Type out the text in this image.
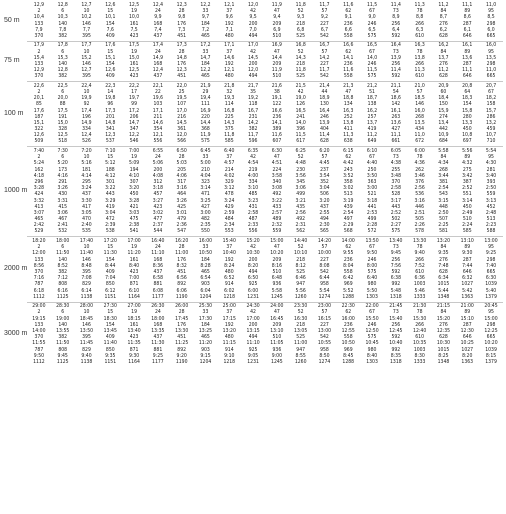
50 m
12,9	12,8	12,7	12,6	12,5	12,4	12,3	12,2	12,1	12,0	11,9	11,8	11,7	11,6	11,5	11,4	11,3	11,2	11,1	11,0
2	6	10	15	19	24	28	33	37	42	47	52	57	62	67	73	78	84	89	95
10,4	10,3	10,2	10,1	10,0	9,9	9,8	9,7	9,6	9,5	9,4	9,3	9,2	9,1	9,0	8,9	8,8	8,7	8,6	8,5
133	140	146	154	161	168	176	184	192	200	209	218	227	236	246	256	266	276	287	298
7,9	7,8	7,7	7,6	7,5	7,4	7,3	7,2	7,1	7,0	6,9	6,8	6,7	6,6	6,5	6,4	6,3	6,2	6,1	6,0
370	382	395	409	423	437	451	465	480	494	510	525	542	558	575	592	610	628	646	665
75 m
17,9	17,8	17,7	17,6	17,5	17,4	17,3	17,2	17,1	17,0	16,9	16,8	16,7	16,6	16,5	16,4	16,3	16,2	16,1	16,0
2	6	10	15	19	24	28	33	37	42	47	52	57	62	67	73	78	84	89	95
15,4	15,3	15,2	15,1	15,0	14,9	14,8	14,7	14,6	14,5	14,4	14,3	14,2	14,1	14,0	13,9	13,8	13,7	13,6	13,5
133	140	146	154	161	168	176	184	192	200	209	218	227	236	246	256	266	276	287	298
12,9	12,8	12,7	12,6	12,5	12,4	12,3	12,2	12,1	12,0	11,9	11,8	11,7	11,6	11,5	11,4	11,3	11,2	11,1	11,0
370	382	395	409	423	437	451	465	480	494	510	525	542	558	575	592	610	628	646	665
100 m
22,6	22,5	22,4	22,3	22,2	22,1	22,0	21,9	21,8	21,7	21,6	21,5	21,4	21,3	21,2	21,1	21,0	20,9	20,8	20,7
2	6	10	14	17	22	25	29	32	35	38	42	44	47	51	54	57	60	64	67
20,1	20,0	19,9	19,8	19,7	19,6	19,5	19,4	19,3	19,2	19,1	19,0	18,9	18,8	18,7	18,6	18,5	18,4	18,3	18,2
85	88	92	96	99	103	107	111	114	118	122	126	130	134	138	142	146	150	154	158
17,6	17,5	17,4	17,3	17,2	17,1	17,0	16,9	16,8	16,7	16,6	16,5	16,4	16,3	16,2	16,1	16,0	15,9	15,8	15,7
187	191	196	201	206	211	216	220	225	231	236	241	246	252	257	263	268	274	280	286
15,1	15,0	14,9	14,8	14,7	14,6	14,5	14,4	14,3	14,2	14,1	14,0	13,9	13,8	13,7	13,6	13,5	13,4	13,3	13,2
322	328	334	341	347	354	361	368	375	382	389	396	404	411	419	427	434	442	450	459
12,6	12,5	12,4	12,3	12,2	12,1	12,0	11,9	11,8	11,7	11,6	11,5	11,4	11,3	11,2	11,1	11,0	10,9	10,8	10,7
509	518	526	537	546	556	566	575	585	596	607	617	628	638	649	661	672	684	697	710
1000 m
7:40	7:30	7:20	7:10	7:00	6:55	6:50	6:45	6:40	6:35	6:30	6:25	6:20	6:15	6:10	6:05	6:00	5:58	5:56	5:54
2	6	10	15	19	24	28	33	37	42	47	52	57	62	67	73	78	84	89	95
5:24	5:20	5:16	5:12	5:09	5:06	5:03	5:00	4:57	4:54	4:51	4:48	4:45	4:42	4:40	4:38	4:36	4:34	4:32	4:30
162	173	181	188	194	200	205	210	214	219	224	230	237	243	250	255	262	268	275	281
4:18	4:16	4:14	4:12	4:10	4:08	4:06	4:04	4:02	4:00	3:58	3:56	3:54	3:52	3:50	3:48	3:46	3:44	3:42	3:40
296	291	295	301	307	312	317	323	329	334	340	345	352	358	363	370	376	381	387	393
3:28	3:26	3:24	3:22	3:20	3:18	3:16	3:14	3:12	3:10	3:08	3:06	3:04	3:02	3:00	2:58	2:56	2:54	2:52	2:50
424	430	437	443	450	457	464	471	478	485	492	499	506	513	521	528	536	543	551	559
3:32	3:31	3:30	3:29	3:28	3:27	3:26	3:25	3:24	3:23	3:22	3:21	3:20	3:19	3:18	3:17	3:16	3:15	3:14	3:13
413	415	417	419	421	423	425	427	429	431	433	435	437	439	441	443	446	448	450	452
3:07	3:06	3:05	3:04	3:03	3:02	3:01	3:00	2:59	2:58	2:57	2:56	2:55	2:54	2:53	2:52	2:51	2:50	2:49	2:48
465	467	470	472	475	477	479	482	484	487	489	492	494	497	499	502	505	507	510	513
2:42	2:41	2:40	2:39	2:38	2:37	2:36	2:35	2:34	2:33	2:32	2:31	2:30	2:29	2:28	2:27	2:26	2:25	2:24	2:23
529	532	535	538	541	544	547	550	553	556	559	562	565	568	572	575	578	581	585	588
2000 m
18:20	18:00	17:40	17:20	17:00	16:40	16:20	16:00	15:40	15:20	15:00	14:40	14:20	14:00	13:50	13:40	13:30	13:20	13:10	13:00
2	6	10	15	19	24	28	33	37	42	47	52	57	62	67	73	78	84	89	95
12:00	11:50	11:40	11:30	11:20	11:10	11:00	10:50	10:40	10:30	10:20	10:10	10:00	9:55	9:50	9:45	9:40	9:35	9:30	9:25
133	140	146	154	161	168	176	184	192	200	209	218	227	236	246	256	266	276	287	298
8:56	8:52	8:48	8:44	8:40	8:36	8:32	8:28	8:24	8:20	8:16	8:12	8:08	8:04	8:00	7:56	7:52	7:48	7:44	7:40
370	382	395	409	423	437	451	465	480	494	510	525	542	558	575	592	610	628	646	665
7:16	7:12	7:08	7:04	7:00	6:58	6:56	6:54	6:52	6:50	6:48	6:46	6:44	6:42	6:40	6:38	6:36	6:34	6:32	6:30
787	808	829	850	871	881	892	903	914	925	936	947	958	969	980	992	1003	1015	1027	1039
6:18	6:16	6:14	6:12	6:10	6:08	6:06	6:04	6:02	6:00	5:58	5:56	5:54	5:52	5:50	5:48	5:46	5:44	5:42	5:40
1112	1125	1138	1151	1164	1177	1190	1204	1218	1231	1245	1260	1274	1288	1303	1318	1333	1348	1363	1379
3000 m
29:00	28:30	28:00	27:30	27:00	26:30	26:00	25:30	25:00	24:30	24:00	23:30	23:00	22:30	22:00	21:45	21:30	21:15	21:00	20:45
2	6	10	15	19	24	28	33	37	42	47	52	57	62	67	73	78	84	89	95
19:15	19:00	18:45	18:30	18:15	18:00	17:45	17:30	17:15	17:00	16:45	16:30	16:15	16:00	15:50	15:40	15:30	15:20	15:10	15:00
133	140	146	154	161	168	176	184	192	200	209	218	227	236	246	256	266	276	287	298
14:00	13:55	13:50	13:45	13:40	13:35	13:30	13:25	13:20	13:15	13:10	13:05	13:00	12:55	12:50	12:45	12:40	12:35	12:30	12:25
370	382	395	409	423	437	451	465	480	494	510	525	542	558	575	592	610	628	646	665
11:55	11:50	11:45	11:40	11:35	11:30	11:25	11:20	11:15	11:10	11:05	11:00	10:55	10:50	10:45	10:40	10:35	10:30	10:25	10:20
787	808	829	850	871	881	892	903	914	925	936	947	958	969	980	992	1003	1015	1027	1039
9:50	9:45	9:40	9:35	9:30	9:25	9:20	9:15	9:10	9:05	9:00	8:55	8:50	8:45	8:40	8:35	8:30	8:25	8:20	8:15
1112	1125	1138	1151	1164	1177	1190	1204	1218	1231	1245	1260	1274	1288	1303	1318	1333	1348	1363	1379
